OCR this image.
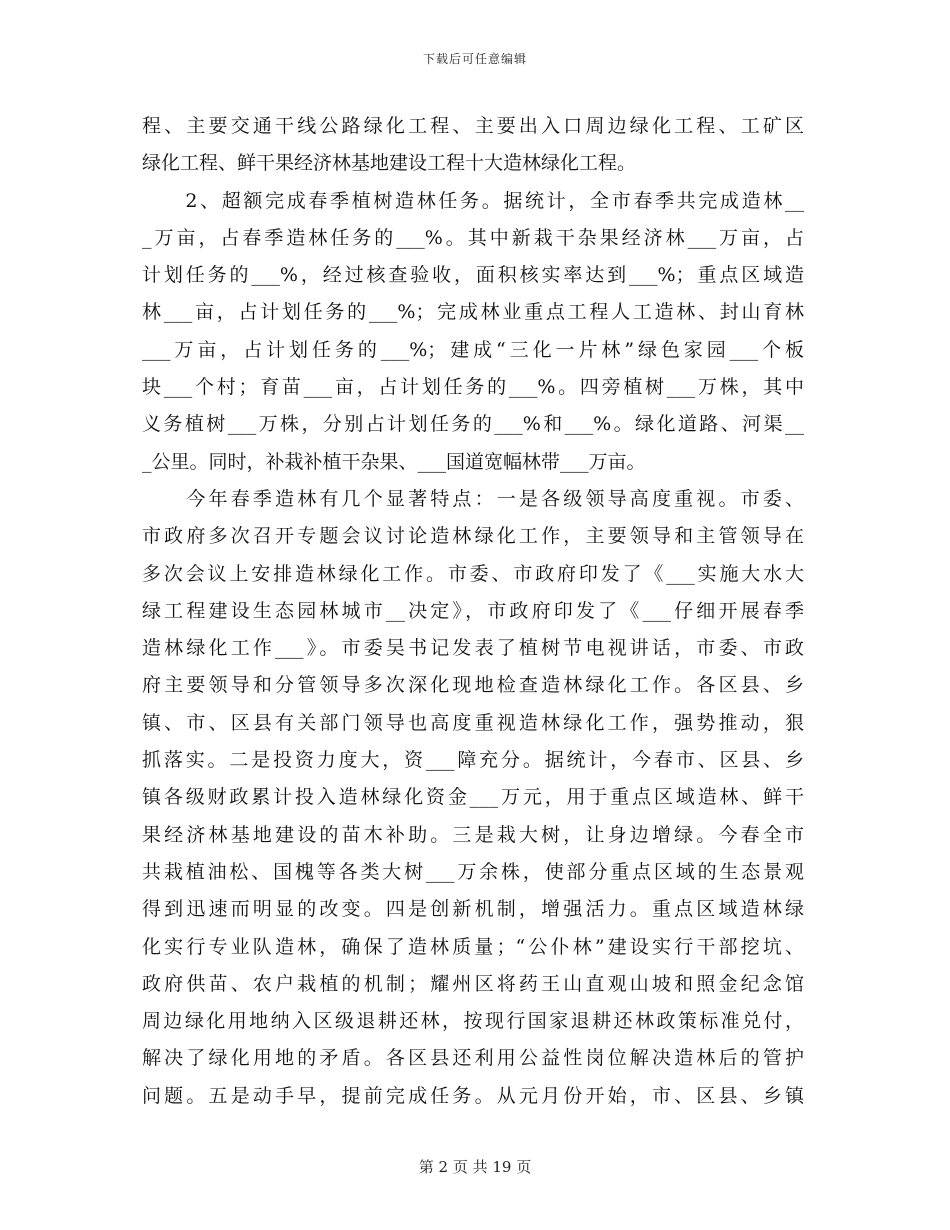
下载后可任意编辑
程、主要交通干线公路绿化工程、主要出入口周边绿化工程、工矿区
绿化工程、鲜干果经济林基地建设工程十大造林绿化工程。
　　2、超额完成春季植树造林任务。据统计，全市春季共完成造林__
_万亩，占春季造林任务的___%。其中新栽干杂果经济林___万亩，占
计划任务的___%，经过核查验收，面积核实率达到___%；重点区域造
林___亩，占计划任务的___%；完成林业重点工程人工造林、封山育林
___万亩，占计划任务的___%；建成“三化一片林”绿色家园___个板
块___个村；育苗___亩，占计划任务的___%。四旁植树___万株，其中
义务植树___万株，分别占计划任务的___%和___%。绿化道路、河渠__
_公里。同时，补栽补植干杂果、___国道宽幅林带___万亩。
　　今年春季造林有几个显著特点：一是各级领导高度重视。市委、
市政府多次召开专题会议讨论造林绿化工作，主要领导和主管领导在
多次会议上安排造林绿化工作。市委、市政府印发了《___实施大水大
绿工程建设生态园林城市__决定》，市政府印发了《___仔细开展春季
造林绿化工作___》。市委吴书记发表了植树节电视讲话，市委、市政
府主要领导和分管领导多次深化现地检查造林绿化工作。各区县、乡
镇、市、区县有关部门领导也高度重视造林绿化工作，强势推动，狠
抓落实。二是投资力度大，资___障充分。据统计，今春市、区县、乡
镇各级财政累计投入造林绿化资金___万元，用于重点区域造林、鲜干
果经济林基地建设的苗木补助。三是栽大树，让身边增绿。今春全市
共栽植油松、国槐等各类大树___万余株，使部分重点区域的生态景观
得到迅速而明显的改变。四是创新机制，增强活力。重点区域造林绿
化实行专业队造林，确保了造林质量；“公仆林”建设实行干部挖坑、
政府供苗、农户栽植的机制；耀州区将药王山直观山坡和照金纪念馆
周边绿化用地纳入区级退耕还林，按现行国家退耕还林政策标准兑付，
解决了绿化用地的矛盾。各区县还利用公益性岗位解决造林后的管护
问题。五是动手早，提前完成任务。从元月份开始，市、区县、乡镇
第 2 页 共 19 页
